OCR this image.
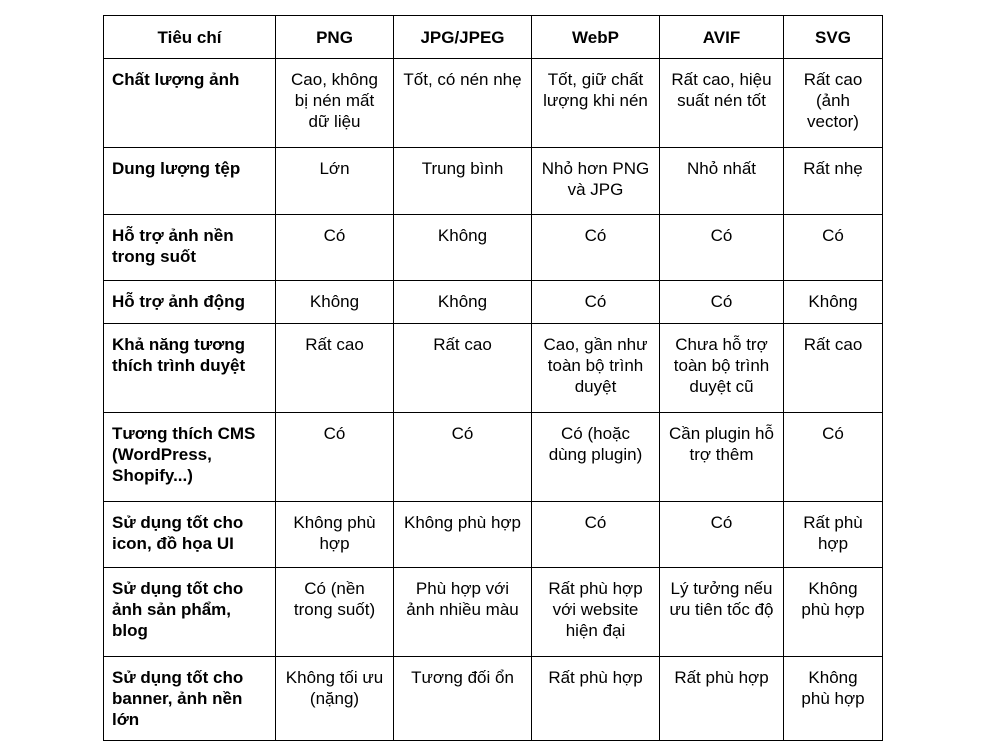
Tiêu chí	PNG	JPG/JPEG	WebP	AVIF	SVG
Chất lượng ảnh	Cao, không bị nén mất dữ liệu	Tốt, có nén nhẹ	Tốt, giữ chất lượng khi nén	Rất cao, hiệu suất nén tốt	Rất cao (ảnh vector)
Dung lượng tệp	Lớn	Trung bình	Nhỏ hơn PNG và JPG	Nhỏ nhất	Rất nhẹ
Hỗ trợ ảnh nền trong suốt	Có	Không	Có	Có	Có
Hỗ trợ ảnh động	Không	Không	Có	Có	Không
Khả năng tương thích trình duyệt	Rất cao	Rất cao	Cao, gần như toàn bộ trình duyệt	Chưa hỗ trợ toàn bộ trình duyệt cũ	Rất cao
Tương thích CMS (WordPress, Shopify...)	Có	Có	Có (hoặc dùng plugin)	Cần plugin hỗ trợ thêm	Có
Sử dụng tốt cho icon, đồ họa UI	Không phù hợp	Không phù hợp	Có	Có	Rất phù hợp
Sử dụng tốt cho ảnh sản phẩm, blog	Có (nền trong suốt)	Phù hợp với ảnh nhiều màu	Rất phù hợp với website hiện đại	Lý tưởng nếu ưu tiên tốc độ	Không phù hợp
Sử dụng tốt cho banner, ảnh nền lớn	Không tối ưu (nặng)	Tương đối ổn	Rất phù hợp	Rất phù hợp	Không phù hợp
